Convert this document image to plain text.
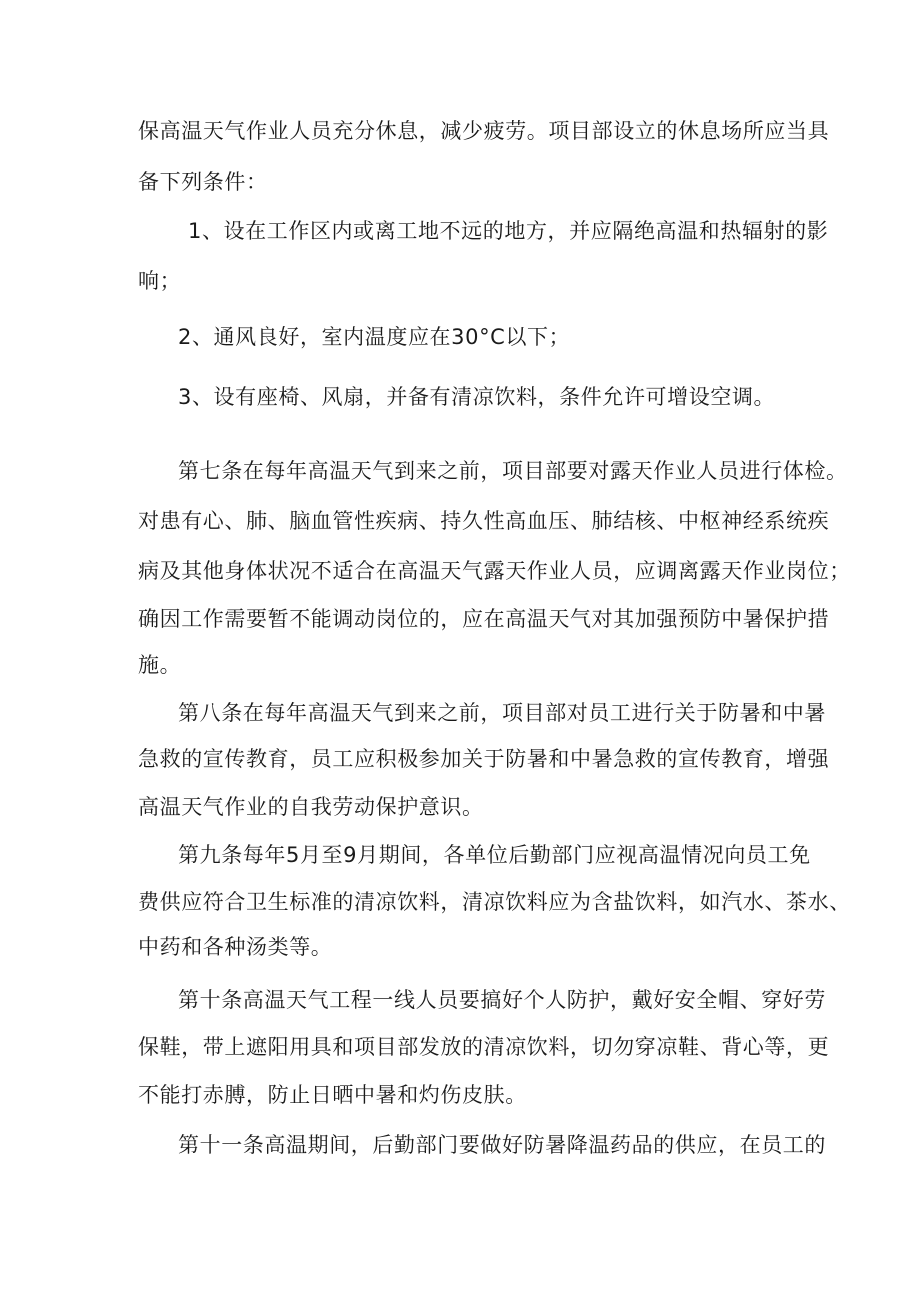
保高温天气作业人员充分休息，减少疲劳。项目部设立的休息场所应当具
备下列条件：
1、设在工作区内或离工地不远的地方，并应隔绝高温和热辐射的影
响；
2、通风良好，室内温度应在30°C以下；
3、设有座椅、风扇，并备有清凉饮料，条件允许可增设空调。
第七条在每年高温天气到来之前，项目部要对露天作业人员进行体检。
对患有心、肺、脑血管性疾病、持久性高血压、肺结核、中枢神经系统疾
病及其他身体状况不适合在高温天气露天作业人员，应调离露天作业岗位；
确因工作需要暂不能调动岗位的，应在高温天气对其加强预防中暑保护措
施。
第八条在每年高温天气到来之前，项目部对员工进行关于防暑和中暑
急救的宣传教育，员工应积极参加关于防暑和中暑急救的宣传教育，增强
高温天气作业的自我劳动保护意识。
第九条每年5月至9月期间，各单位后勤部门应视高温情况向员工免
费供应符合卫生标准的清凉饮料，清凉饮料应为含盐饮料，如汽水、茶水、
中药和各种汤类等。
第十条高温天气工程一线人员要搞好个人防护，戴好安全帽、穿好劳
保鞋，带上遮阳用具和项目部发放的清凉饮料，切勿穿凉鞋、背心等，更
不能打赤膊，防止日晒中暑和灼伤皮肤。
第十一条高温期间，后勤部门要做好防暑降温药品的供应，在员工的
